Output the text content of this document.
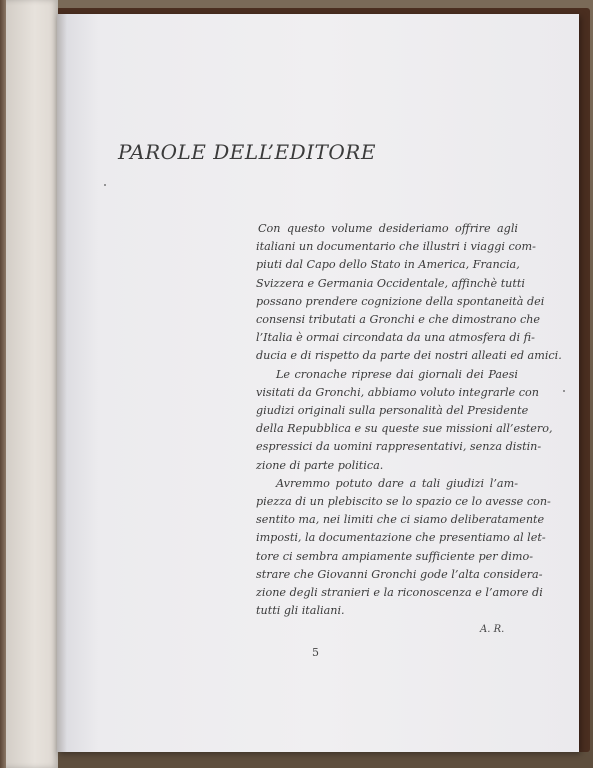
PAROLE DELL’EDITORE

Con questo volume desideriamo offrire agli
italiani un documentario che illustri i viaggi com-
piuti dal Capo dello Stato in America, Francia,
Svizzera e Germania Occidentale, affinchè tutti
possano prendere cognizione della spontaneità dei
consensi tributati a Gronchi e che dimostrano che
l’Italia è ormai circondata da una atmosfera di fi-
ducia e di rispetto da parte dei nostri alleati ed amici.

Le cronache riprese dai giornali dei Paesi
visitati da Gronchi, abbiamo voluto integrarle con
giudizi originali sulla personalità del Presidente
della Repubblica e su queste sue missioni all’estero,
espressici da uomini rappresentativi, senza distin-
zione di parte politica.

Avremmo potuto dare a tali giudizi l’am-
piezza di un plebiscito se lo spazio ce lo avesse con-
sentito ma, nei limiti che ci siamo deliberatamente
imposti, la documentazione che presentiamo al let-
tore ci sembra ampiamente sufficiente per dimo-
strare che Giovanni Gronchi gode l’alta considera-
zione degli stranieri e la riconoscenza e l’amore di
tutti gli italiani.

A. R.
5
